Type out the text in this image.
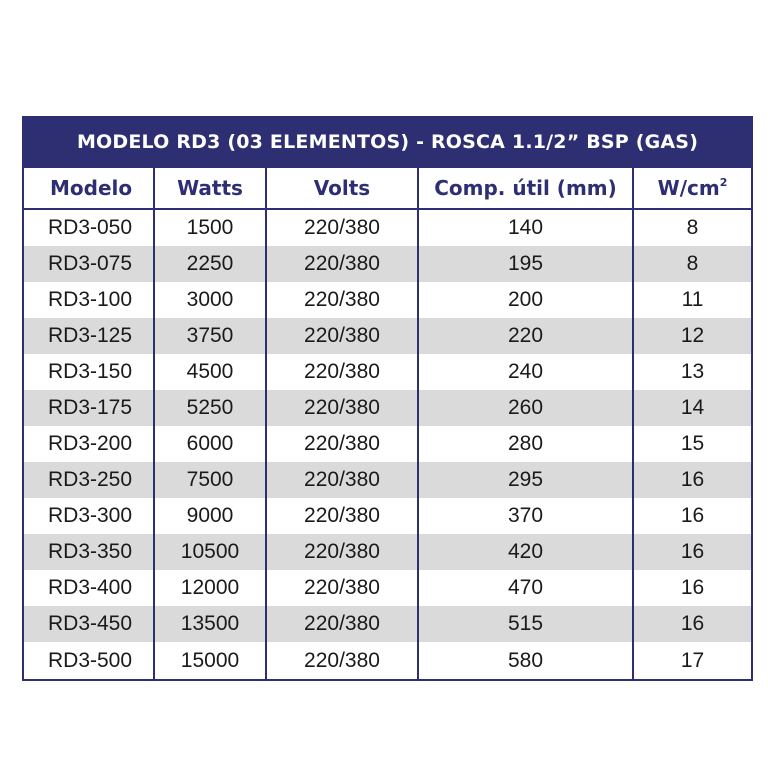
MODELO RD3 (03 ELEMENTOS) - ROSCA 1.1/2” BSP (GAS)				
Modelo	Watts	Volts	Comp. útil (mm)	$W/cm^2$
RD3-050	1500	220/380	140	8
RD3-075	2250	220/380	195	8
RD3-100	3000	220/380	200	11
RD3-125	3750	220/380	220	12
RD3-150	4500	220/380	240	13
RD3-175	5250	220/380	260	14
RD3-200	6000	220/380	280	15
RD3-250	7500	220/380	295	16
RD3-300	9000	220/380	370	16
RD3-350	10500	220/380	420	16
RD3-400	12000	220/380	470	16
RD3-450	13500	220/380	515	16
RD3-500	15000	220/380	580	17
